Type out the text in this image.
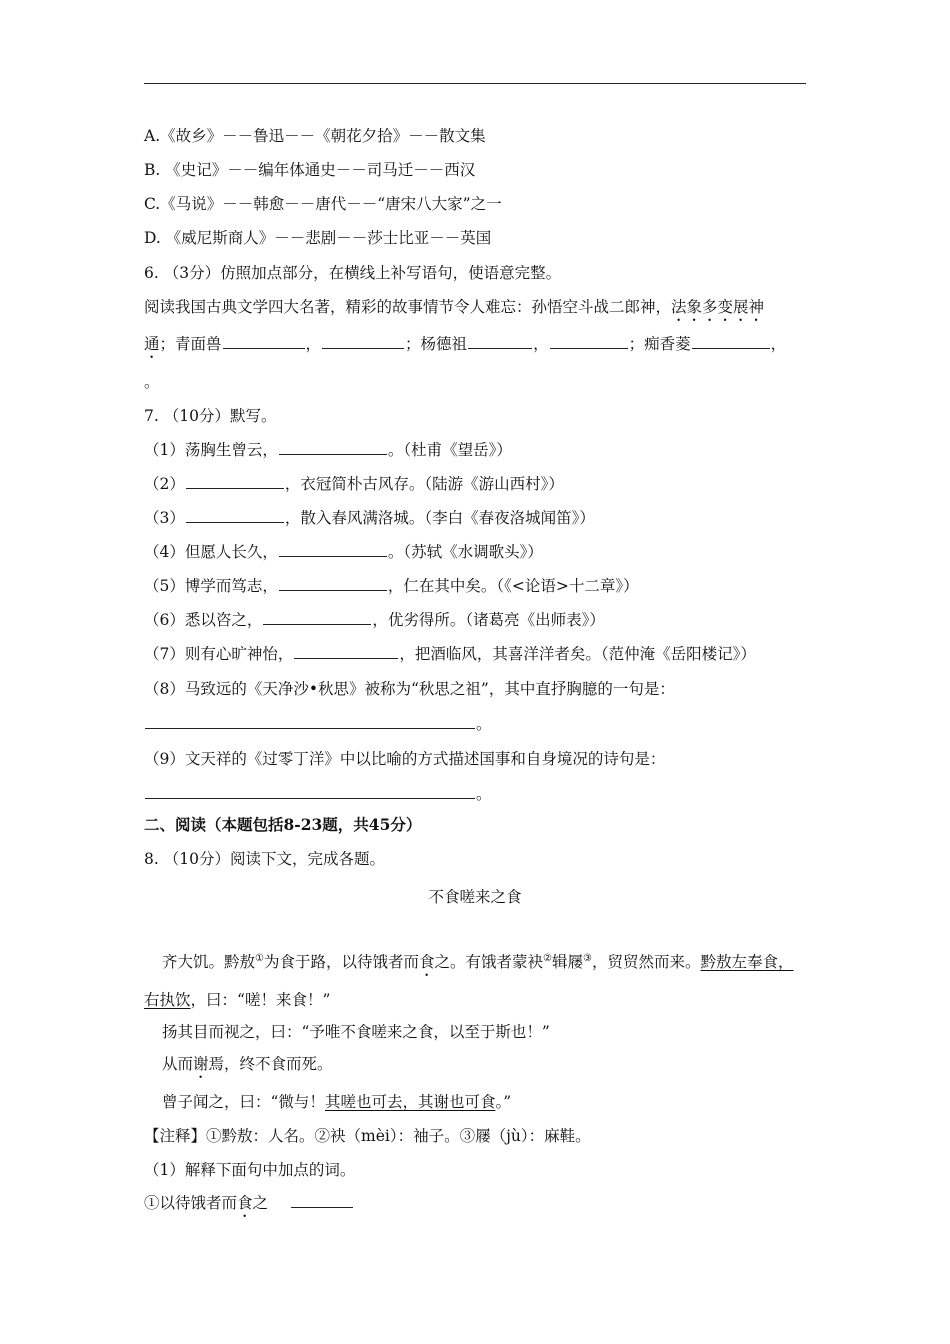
A.《故乡》－－鲁迅－－《朝花夕拾》－－散文集
B. 《史记》－－编年体通史－－司马迁－－西汉
C.《马说》－－韩愈－－唐代－－“唐宋八大家”之一
D. 《威尼斯商人》－－悲剧－－莎士比亚－－英国
6. （3分）仿照加点部分，在横线上补写语句，使语意完整。
阅读我国古典文学四大名著，精彩的故事情节令人难忘：孙悟空斗战二郎神，法象多变展神
通；青面兽	，	；杨德祖	，	；痴香菱	，
。
7. （10分）默写。
（1）荡胸生曾云，	。（杜甫《望岳》）
（2）	，衣冠简朴古风存。（陆游《游山西村》）
（3）	，散入春风满洛城。（李白《春夜洛城闻笛》）
（4）但愿人长久，	。（苏轼《水调歌头》）
（5）博学而笃志，	，仁在其中矣。（《<论语>十二章》）
（6）悉以咨之，	，优劣得所。（诸葛亮《出师表》）
（7）则有心旷神怡，	，把酒临风，其喜洋洋者矣。（范仲淹《岳阳楼记》）
（8）马致远的《天净沙•秋思》被称为“秋思之祖”，其中直抒胸臆的一句是：
。
（9）文天祥的《过零丁洋》中以比喻的方式描述国事和自身境况的诗句是：
。
二、阅读（本题包括8-23题，共45分）
8. （10分）阅读下文，完成各题。
不食嗟来之食
齐大饥。黔敖①为食于路，以待饿者而食之。有饿者蒙袂②辑屦③，贸贸然而来。黔敖左奉食，
右执饮，曰：“嗟！来食！”
扬其目而视之，曰：“予唯不食嗟来之食，以至于斯也！”
从而谢焉，终不食而死。
曾子闻之，曰：“微与！其嗟也可去，其谢也可食。”
【注释】①黔敖：人名。②袂（mèi）：袖子。③屦（jù）：麻鞋。
（1）解释下面句中加点的词。
①以待饿者而食之
